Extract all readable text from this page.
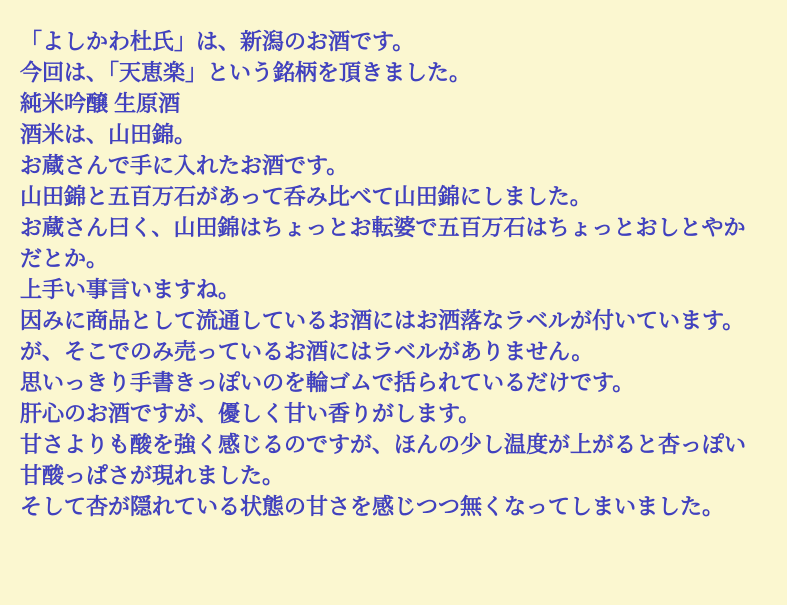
「よしかわ杜氏」は、新潟のお酒です。

今回は、「天恵楽」という銘柄を頂きました。

純米吟醸 生原酒

酒米は、山田錦。

お蔵さんで手に入れたお酒です。

山田錦と五百万石があって呑み比べて山田錦にしました。

お蔵さん曰く、山田錦はちょっとお転婆で五百万石はちょっとおしとやかだとか。

上手い事言いますね。

因みに商品として流通しているお酒にはお洒落なラベルが付いています。

が、そこでのみ売っているお酒にはラベルがありません。

思いっきり手書きっぽいのを輪ゴムで括られているだけです。

肝心のお酒ですが、優しく甘い香りがします。

甘さよりも酸を強く感じるのですが、ほんの少し温度が上がると杏っぽい甘酸っぱさが現れました。

そして杏が隠れている状態の甘さを感じつつ無くなってしまいました。
